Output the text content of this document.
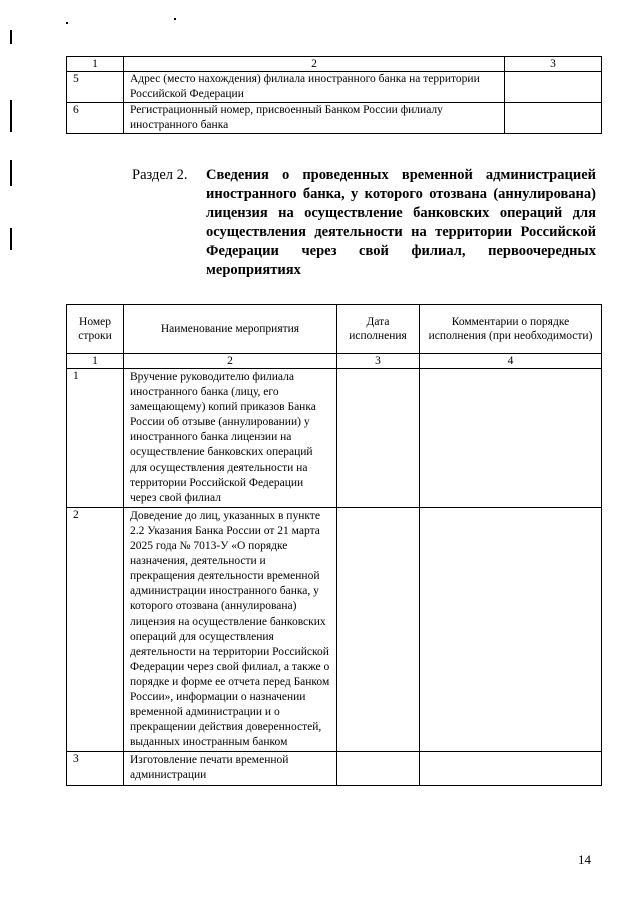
1	2	3
5	Адрес (место нахождения) филиала иностранного банка на территории Российской Федерации	
6	Регистрационный номер, присвоенный Банком России филиалу иностранного банка	
Раздел 2. Сведения о проведенных временной администрацией иностранного банка, у которого отозвана (аннулирована) лицензия на осуществление банковских операций для осуществления деятельности на территории Российской Федерации через свой филиал, первоочередных мероприятиях
Номер строки	Наименование мероприятия	Дата исполнения	Комментарии о порядке исполнения (при необходимости)
1	2	3	4
1	Вручение руководителю филиала иностранного банка (лицу, его замещающему) копий приказов Банка России об отзыве (аннулировании) у иностранного банка лицензии на осуществление банковских операций для осуществления деятельности на территории Российской Федерации через свой филиал		
2	Доведение до лиц, указанных в пункте 2.2 Указания Банка России от 21 марта 2025 года № 7013-У «О порядке назначения, деятельности и прекращения деятельности временной администрации иностранного банка, у которого отозвана (аннулирована) лицензия на осуществление банковских операций для осуществления деятельности на территории Российской Федерации через свой филиал, а также о порядке и форме ее отчета перед Банком России», информации о назначении временной администрации и о прекращении действия доверенностей, выданных иностранным банком		
3	Изготовление печати временной администрации		
14
